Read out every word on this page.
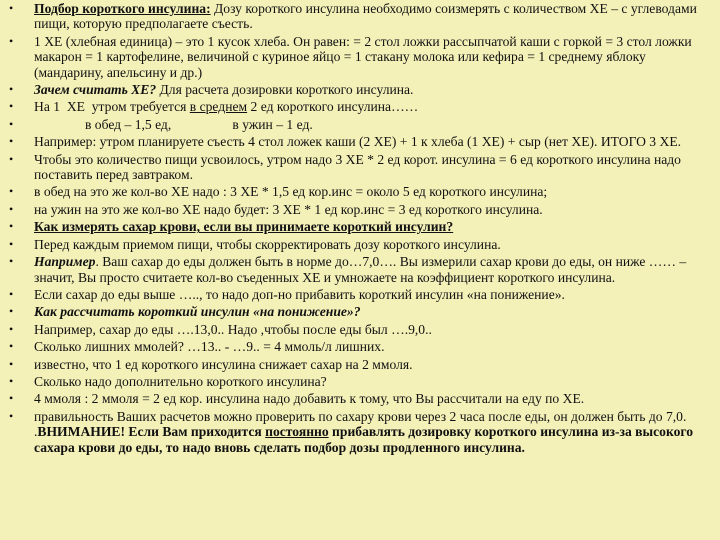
• Подбор короткого инсулина: Дозу короткого инсулина необходимо соизмерять с количеством ХЕ – с углеводами пищи, которую предполагаете съесть.
• 1 ХЕ (хлебная единица) – это 1 кусок хлеба. Он равен: = 2 стол ложки рассыпчатой каши с горкой = 3 стол ложки макарон = 1 картофелине, величиной с куриное яйцо = 1 стакану молока или кефира = 1 среднему яблоку (мандарину, апельсину и др.)
• Зачем считать ХЕ? Для расчета дозировки короткого инсулина.
• На 1  ХЕ  утром требуется в среднем 2 ед короткого инсулина……
•                в обед – 1,5 ед,                  в ужин – 1 ед.
• Например: утром планируете съесть 4 стол ложек каши (2 ХЕ) + 1 к хлеба (1 ХЕ) + сыр (нет ХЕ). ИТОГО 3 ХЕ.
• Чтобы это количество пищи усвоилось, утром надо 3 ХЕ * 2 ед корот. инсулина = 6 ед короткого инсулина надо поставить перед завтраком.
• в обед на это же кол-во ХЕ надо : 3 ХЕ * 1,5 ед кор.инс = около 5 ед короткого инсулина;
• на ужин на это же кол-во ХЕ надо будет: 3 ХЕ * 1 ед кор.инс = 3 ед короткого инсулина.
• Как измерять сахар крови, если вы принимаете короткий инсулин?
• Перед каждым приемом пищи, чтобы скорректировать дозу короткого инсулина.
• Например. Ваш сахар до еды должен быть в норме до…7,0…. Вы измерили сахар крови до еды, он ниже …… – значит, Вы просто считаете кол-во съеденных ХЕ и умножаете на коэффициент короткого инсулина.
• Если сахар до еды выше ….., то надо доп-но прибавить короткий инсулин «на понижение».
• Как рассчитать короткий инсулин «на понижение»?
• Например, сахар до еды ….13,0.. Надо ,чтобы после еды был ….9,0..
• Сколько лишних ммолей? …13.. - …9.. = 4 ммоль/л лишних.
• известно, что 1 ед короткого инсулина снижает сахар на 2 ммоля.
• Сколько надо дополнительно короткого инсулина?
• 4 ммоля : 2 ммоля = 2 ед кор. инсулина надо добавить к тому, что Вы рассчитали на еду по ХЕ.
• правильность Ваших расчетов можно проверить по сахару крови через 2 часа после еды, он должен быть до 7,0. .ВНИМАНИЕ! Если Вам приходится постоянно прибавлять дозировку короткого инсулина из-за высокого сахара крови до еды, то надо вновь сделать подбор дозы продленного инсулина.
